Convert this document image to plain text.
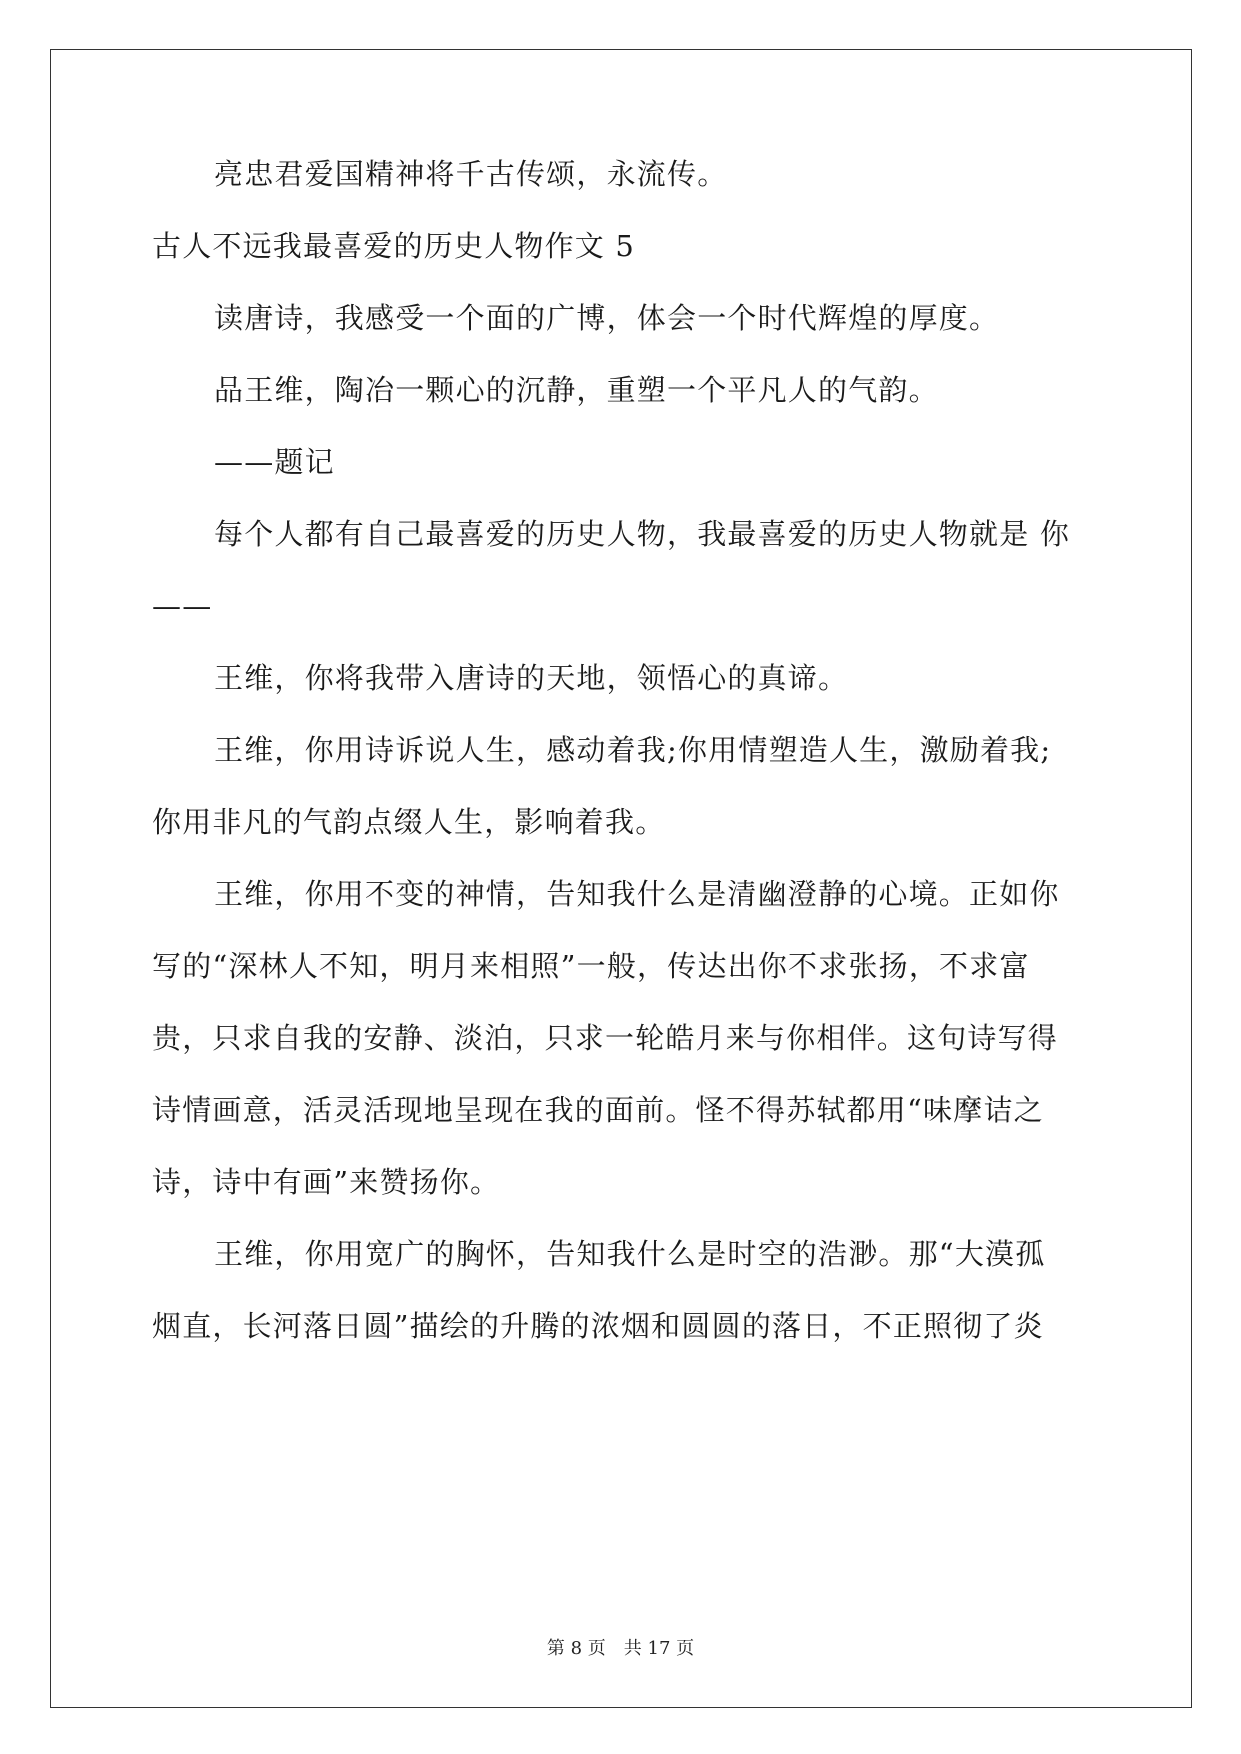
亮忠君爱国精神将千古传颂，永流传。
古人不远我最喜爱的历史人物作文 5
读唐诗，我感受一个面的广博，体会一个时代辉煌的厚度。
品王维，陶冶一颗心的沉静，重塑一个平凡人的气韵。
——题记
每个人都有自己最喜爱的历史人物，我最喜爱的历史人物就是 你
——
王维，你将我带入唐诗的天地，领悟心的真谛。
王维，你用诗诉说人生，感动着我;你用情塑造人生，激励着我;
你用非凡的气韵点缀人生，影响着我。
王维，你用不变的神情，告知我什么是清幽澄静的心境。正如你
写的“深林人不知，明月来相照”一般，传达出你不求张扬，不求富
贵，只求自我的安静、淡泊，只求一轮皓月来与你相伴。这句诗写得
诗情画意，活灵活现地呈现在我的面前。怪不得苏轼都用“味摩诘之
诗，诗中有画”来赞扬你。
王维，你用宽广的胸怀，告知我什么是时空的浩渺。那“大漠孤
烟直，长河落日圆”描绘的升腾的浓烟和圆圆的落日，不正照彻了炎
第 8 页　共 17 页
